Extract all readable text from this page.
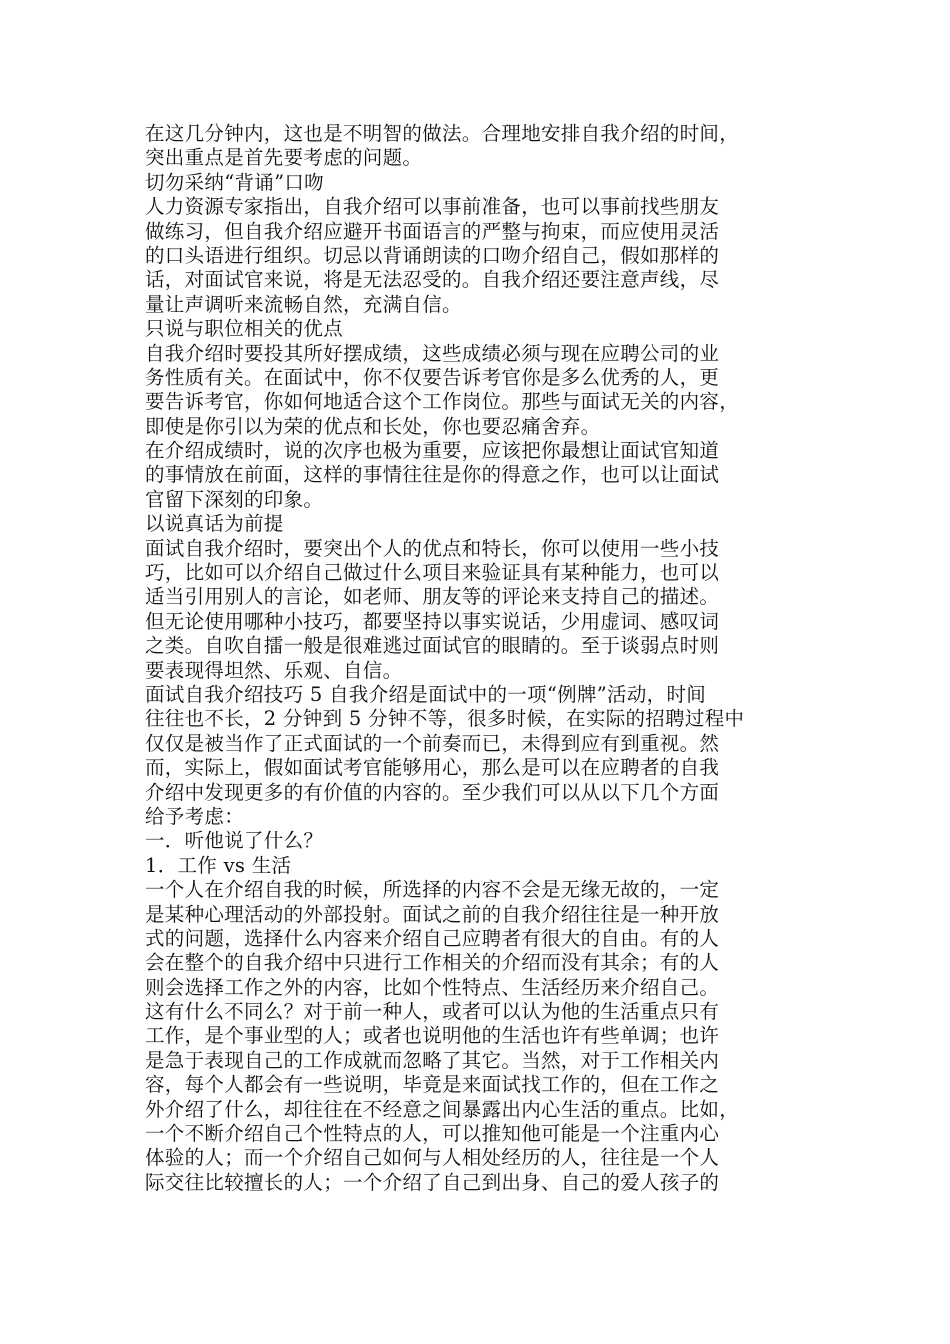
在这几分钟内，这也是不明智的做法。合理地安排自我介绍的时间，
突出重点是首先要考虑的问题。
切勿采纳“背诵”口吻
人力资源专家指出，自我介绍可以事前准备，也可以事前找些朋友
做练习，但自我介绍应避开书面语言的严整与拘束，而应使用灵活
的口头语进行组织。切忌以背诵朗读的口吻介绍自己，假如那样的
话，对面试官来说，将是无法忍受的。自我介绍还要注意声线，尽
量让声调听来流畅自然，充满自信。
只说与职位相关的优点
自我介绍时要投其所好摆成绩，这些成绩必须与现在应聘公司的业
务性质有关。在面试中，你不仅要告诉考官你是多么优秀的人，更
要告诉考官，你如何地适合这个工作岗位。那些与面试无关的内容，
即使是你引以为荣的优点和长处，你也要忍痛舍弃。
在介绍成绩时，说的次序也极为重要，应该把你最想让面试官知道
的事情放在前面，这样的事情往往是你的得意之作，也可以让面试
官留下深刻的印象。
以说真话为前提
面试自我介绍时，要突出个人的优点和特长，你可以使用一些小技
巧，比如可以介绍自己做过什么项目来验证具有某种能力，也可以
适当引用别人的言论，如老师、朋友等的评论来支持自己的描述。
但无论使用哪种小技巧，都要坚持以事实说话，少用虚词、感叹词
之类。自吹自擂一般是很难逃过面试官的眼睛的。至于谈弱点时则
要表现得坦然、乐观、自信。
面试自我介绍技巧 5 自我介绍是面试中的一项“例牌”活动，时间
往往也不长，2 分钟到 5 分钟不等，很多时候，在实际的招聘过程中
仅仅是被当作了正式面试的一个前奏而已，未得到应有到重视。然
而，实际上，假如面试考官能够用心，那么是可以在应聘者的自我
介绍中发现更多的有价值的内容的。至少我们可以从以下几个方面
给予考虑：
一．听他说了什么？
1．工作 vs 生活
一个人在介绍自我的时候，所选择的内容不会是无缘无故的，一定
是某种心理活动的外部投射。面试之前的自我介绍往往是一种开放
式的问题，选择什么内容来介绍自己应聘者有很大的自由。有的人
会在整个的自我介绍中只进行工作相关的介绍而没有其余；有的人
则会选择工作之外的内容，比如个性特点、生活经历来介绍自己。
这有什么不同么？对于前一种人，或者可以认为他的生活重点只有
工作，是个事业型的人；或者也说明他的生活也许有些单调；也许
是急于表现自己的工作成就而忽略了其它。当然，对于工作相关内
容，每个人都会有一些说明，毕竟是来面试找工作的，但在工作之
外介绍了什么，却往往在不经意之间暴露出内心生活的重点。比如，
一个不断介绍自己个性特点的人，可以推知他可能是一个注重内心
体验的人；而一个介绍自己如何与人相处经历的人，往往是一个人
际交往比较擅长的人；一个介绍了自己到出身、自己的爱人孩子的
